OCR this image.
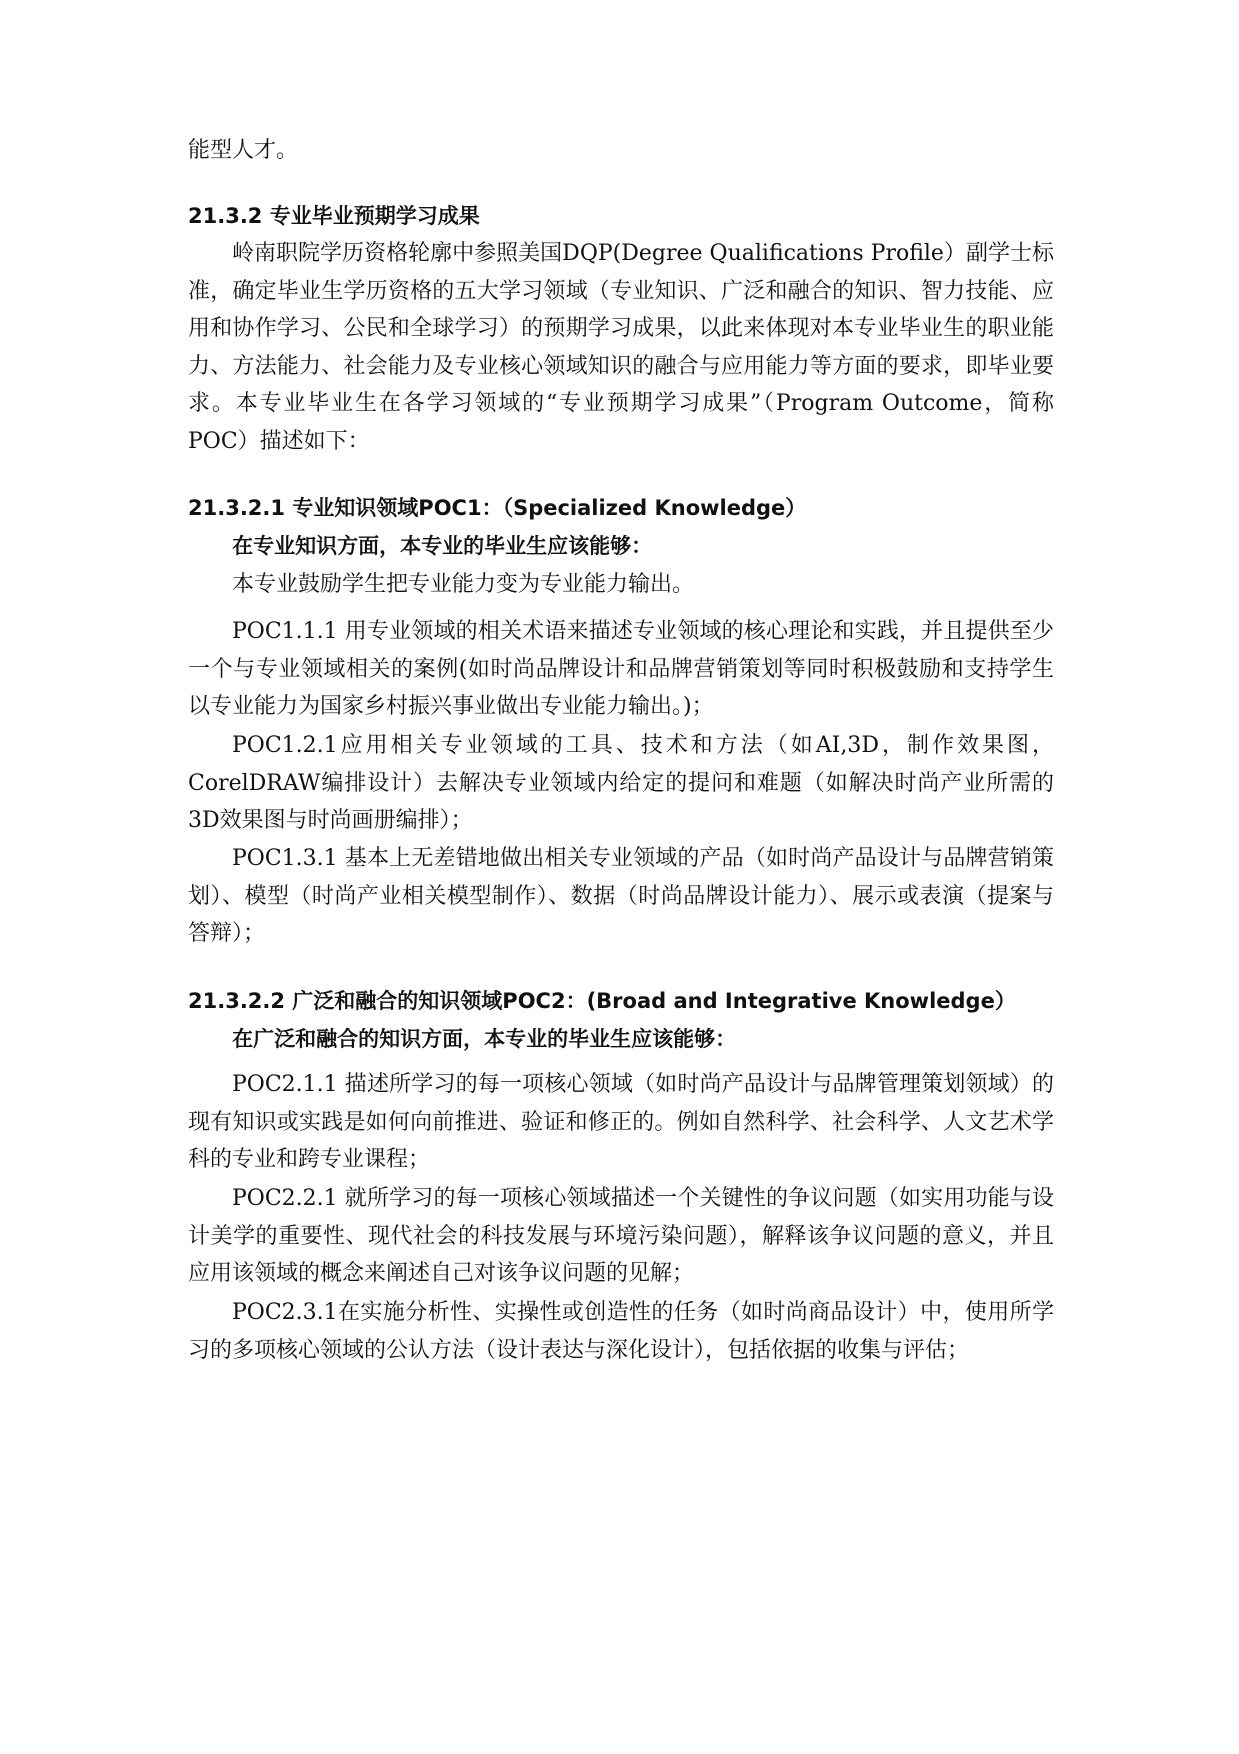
能型人才。

21.3.2 专业毕业预期学习成果

岭南职院学历资格轮廓中参照美国DQP(Degree Qualifications Profile）副学士标准，确定毕业生学历资格的五大学习领域（专业知识、广泛和融合的知识、智力技能、应用和协作学习、公民和全球学习）的预期学习成果，以此来体现对本专业毕业生的职业能力、方法能力、社会能力及专业核心领域知识的融合与应用能力等方面的要求，即毕业要求。本专业毕业生在各学习领域的“专业预期学习成果”（Program Outcome，简称POC）描述如下：

21.3.2.1 专业知识领域POC1：（Specialized Knowledge）
在专业知识方面，本专业的毕业生应该能够：

本专业鼓励学生把专业能力变为专业能力输出。

POC1.1.1 用专业领域的相关术语来描述专业领域的核心理论和实践，并且提供至少一个与专业领域相关的案例(如时尚品牌设计和品牌营销策划等同时积极鼓励和支持学生以专业能力为国家乡村振兴事业做出专业能力输出。)；

POC1.2.1应用相关专业领域的工具、技术和方法（如AI,3D，制作效果图，CorelDRAW编排设计）去解决专业领域内给定的提问和难题（如解决时尚产业所需的3D效果图与时尚画册编排）；

POC1.3.1 基本上无差错地做出相关专业领域的产品（如时尚产品设计与品牌营销策划）、模型（时尚产业相关模型制作）、数据（时尚品牌设计能力）、展示或表演（提案与答辩）；

21.3.2.2 广泛和融合的知识领域POC2：(Broad and Integrative Knowledge）
在广泛和融合的知识方面，本专业的毕业生应该能够：

POC2.1.1 描述所学习的每一项核心领域（如时尚产品设计与品牌管理策划领域）的现有知识或实践是如何向前推进、验证和修正的。例如自然科学、社会科学、人文艺术学科的专业和跨专业课程；

POC2.2.1 就所学习的每一项核心领域描述一个关键性的争议问题（如实用功能与设计美学的重要性、现代社会的科技发展与环境污染问题），解释该争议问题的意义，并且应用该领域的概念来阐述自己对该争议问题的见解；

POC2.3.1在实施分析性、实操性或创造性的任务（如时尚商品设计）中，使用所学习的多项核心领域的公认方法（设计表达与深化设计），包括依据的收集与评估；
